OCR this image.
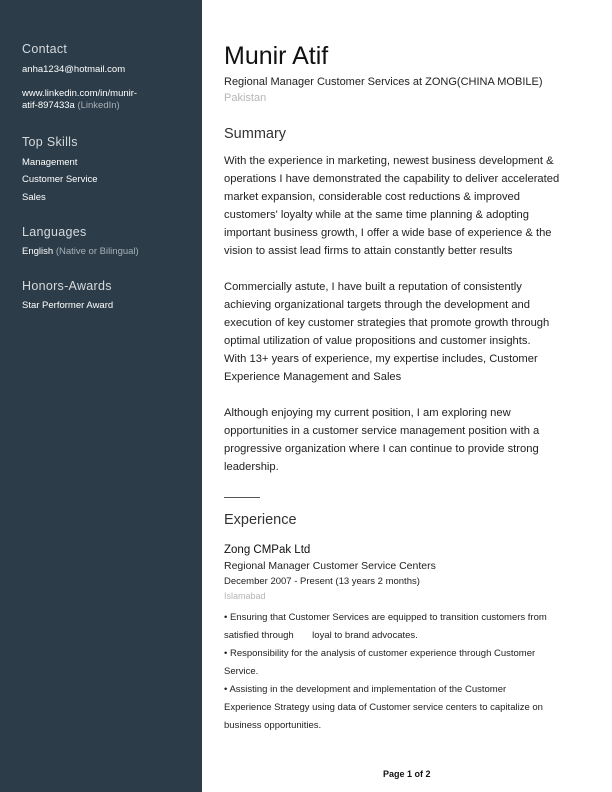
Contact
anha1234@hotmail.com
www.linkedin.com/in/munir-
atif-897433a (LinkedIn)
Top Skills
Management
Customer Service
Sales
Languages
English (Native or Bilingual)
Honors-Awards
Star Performer Award
Munir Atif
Regional Manager Customer Services at ZONG(CHINA MOBILE)
Pakistan
Summary
With the experience in marketing, newest business development &
operations I have demonstrated the capability to deliver accelerated
market expansion, considerable cost reductions & improved
customers' loyalty while at the same time planning & adopting
important business growth, I offer a wide base of experience & the
vision to assist lead firms to attain constantly better results
Commercially astute, I have built a reputation of consistently
achieving organizational targets through the development and
execution of key customer strategies that promote growth through
optimal utilization of value propositions and customer insights.
With 13+ years of experience, my expertise includes, Customer
Experience Management and Sales
Although enjoying my current position, I am exploring new
opportunities in a customer service management position with a
progressive organization where I can continue to provide strong
leadership.
Experience
Zong CMPak Ltd
Regional Manager Customer Service Centers
December 2007 - Present (13 years 2 months)
Islamabad
• Ensuring that Customer Services are equipped to transition customers from
satisfied through       loyal to brand advocates.
• Responsibility for the analysis of customer experience through Customer
Service.
• Assisting in the development and implementation of the Customer
Experience Strategy using data of Customer service centers to capitalize on
business opportunities.
Page 1 of 2
